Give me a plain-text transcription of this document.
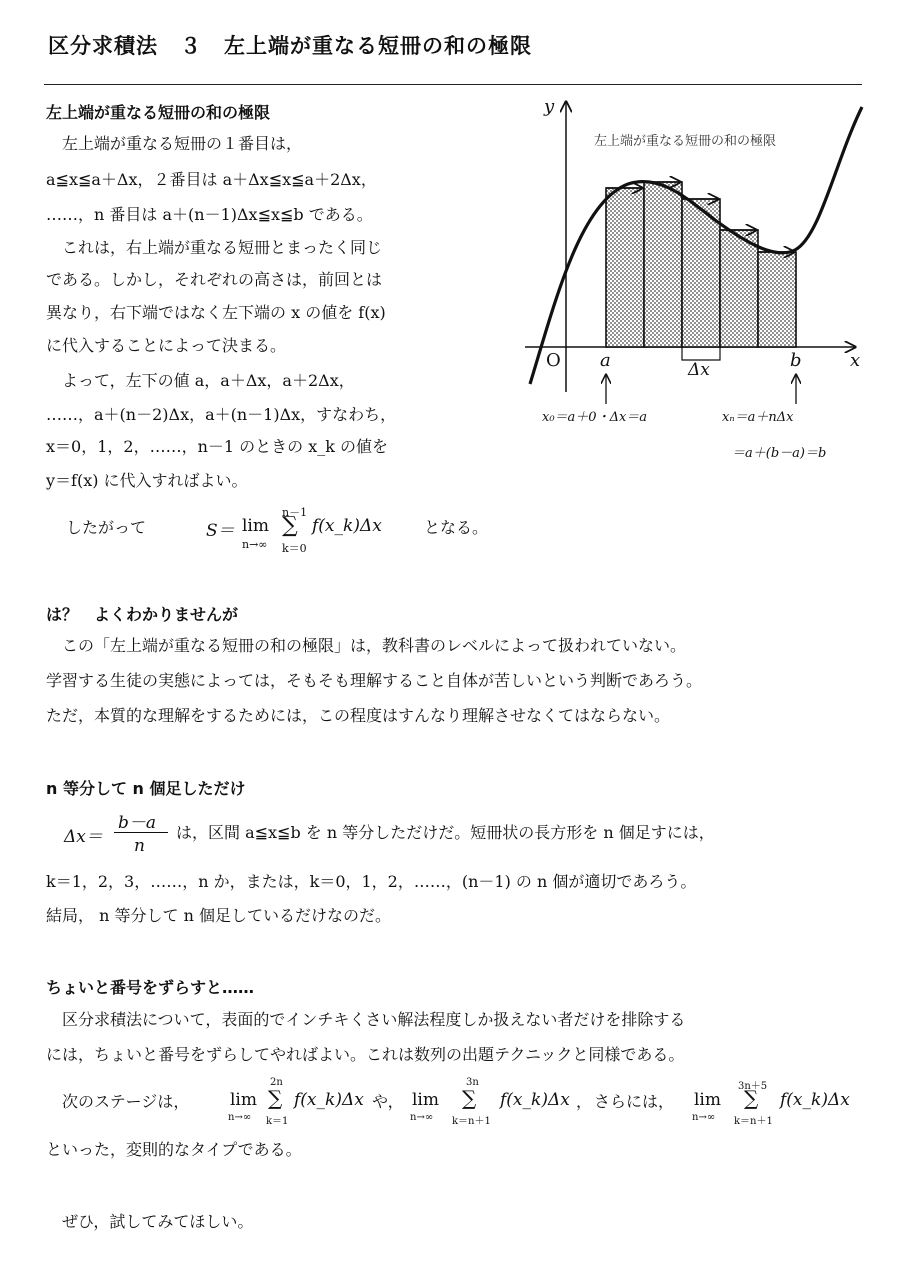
区分求積法　３　左上端が重なる短冊の和の極限
左上端が重なる短冊の和の極限
　左上端が重なる短冊の１番目は，
a≦x≦a＋Δx，２番目は a＋Δx≦x≦a＋2Δx，
……，n 番目は a＋(n－1)Δx≦x≦b である。
　これは，右上端が重なる短冊とまったく同じ
である。しかし，それぞれの高さは，前回とは
異なり，右下端ではなく左下端の x の値を f(x)
に代入することによって決まる。
　よって，左下の値 a，a＋Δx，a＋2Δx，
……，a＋(n－2)Δx，a＋(n－1)Δx，すなわち，
x＝0，1，2，……，n－1 のときの x_k の値を
y＝f(x) に代入すればよい。
したがって	S＝ lim
n→∞
n－1
∑
k＝0
f(x_k)Δx	となる。
左上端が重なる短冊の和の極限
y
x
O a	b
Δx
x₀＝a＋0・Δx＝a	xₙ＝a＋nΔx
＝a＋(b－a)＝b
は？　よくわかりませんが
　この「左上端が重なる短冊の和の極限」は，教科書のレベルによって扱われていない。
学習する生徒の実態によっては，そもそも理解すること自体が苦しいという判断であろう。
ただ，本質的な理解をするためには，この程度はすんなり理解させなくてはならない。
n 等分して n 個足しただけ
Δx＝
b－a
n
は，区間 a≦x≦b を n 等分しただけだ。短冊状の長方形を n 個足すには，
k＝1，2，3，……，n か，または，k＝0，1，2，……，(n－1) の n 個が適切であろう。
結局， n 等分して n 個足しているだけなのだ。
ちょいと番号をずらすと……
　区分求積法について，表面的でインチキくさい解法程度しか扱えない者だけを排除する
には，ちょいと番号をずらしてやればよい。これは数列の出題テクニックと同様である。
　次のステージは， lim
n→∞
2n
∑
k＝1
f(x_k)Δx や， lim
n→∞
3n
∑
k＝n＋1
f(x_k)Δx ， さらには， lim
n→∞
3n＋5
∑
k＝n＋1
f(x_k)Δx
といった，変則的なタイプである。
　ぜひ，試してみてほしい。
